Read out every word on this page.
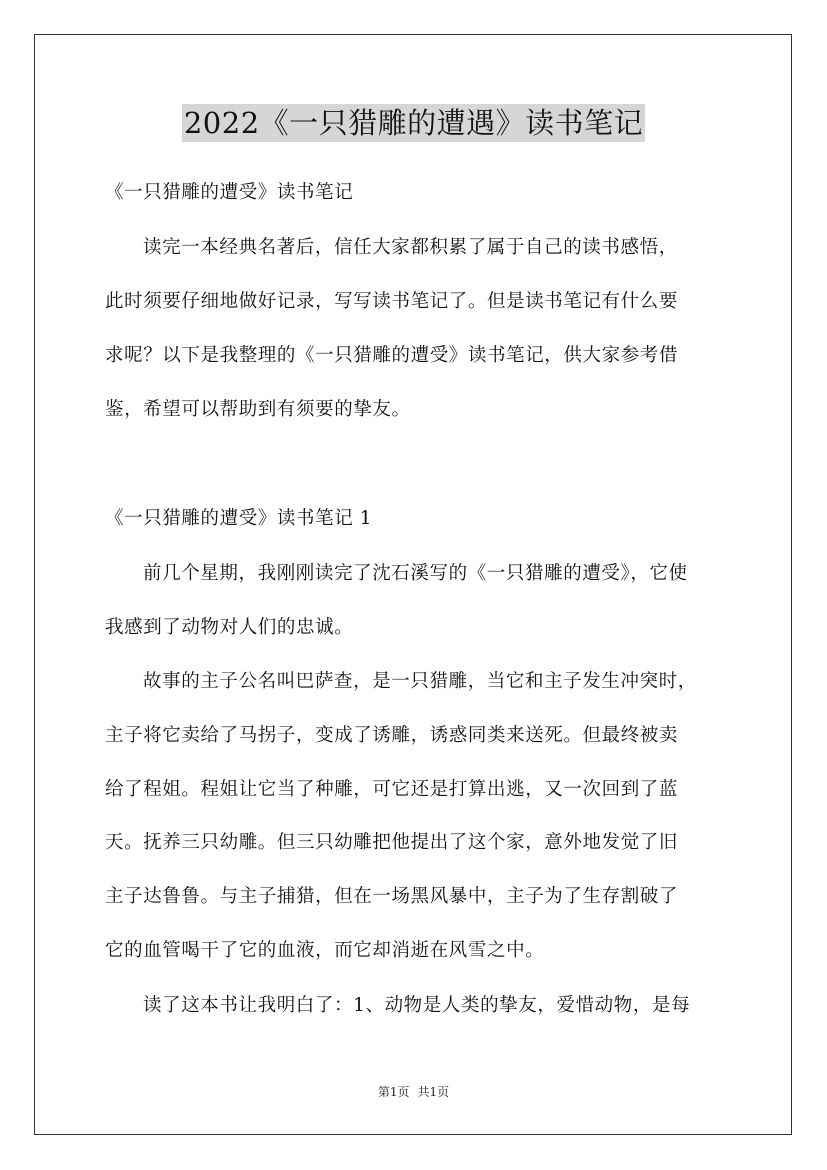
2022《一只猎雕的遭遇》读书笔记
《一只猎雕的遭受》读书笔记
读完一本经典名著后，信任大家都积累了属于自己的读书感悟，
此时须要仔细地做好记录，写写读书笔记了。但是读书笔记有什么要
求呢？以下是我整理的《一只猎雕的遭受》读书笔记，供大家参考借
鉴，希望可以帮助到有须要的挚友。
《一只猎雕的遭受》读书笔记 1
前几个星期，我刚刚读完了沈石溪写的《一只猎雕的遭受》，它使
我感到了动物对人们的忠诚。
故事的主子公名叫巴萨查，是一只猎雕，当它和主子发生冲突时，
主子将它卖给了马拐子，变成了诱雕，诱惑同类来送死。但最终被卖
给了程姐。程姐让它当了种雕，可它还是打算出逃，又一次回到了蓝
天。抚养三只幼雕。但三只幼雕把他提出了这个家，意外地发觉了旧
主子达鲁鲁。与主子捕猎，但在一场黑风暴中，主子为了生存割破了
它的血管喝干了它的血液，而它却消逝在风雪之中。
读了这本书让我明白了：1、动物是人类的挚友，爱惜动物，是每
第1页 共1页
